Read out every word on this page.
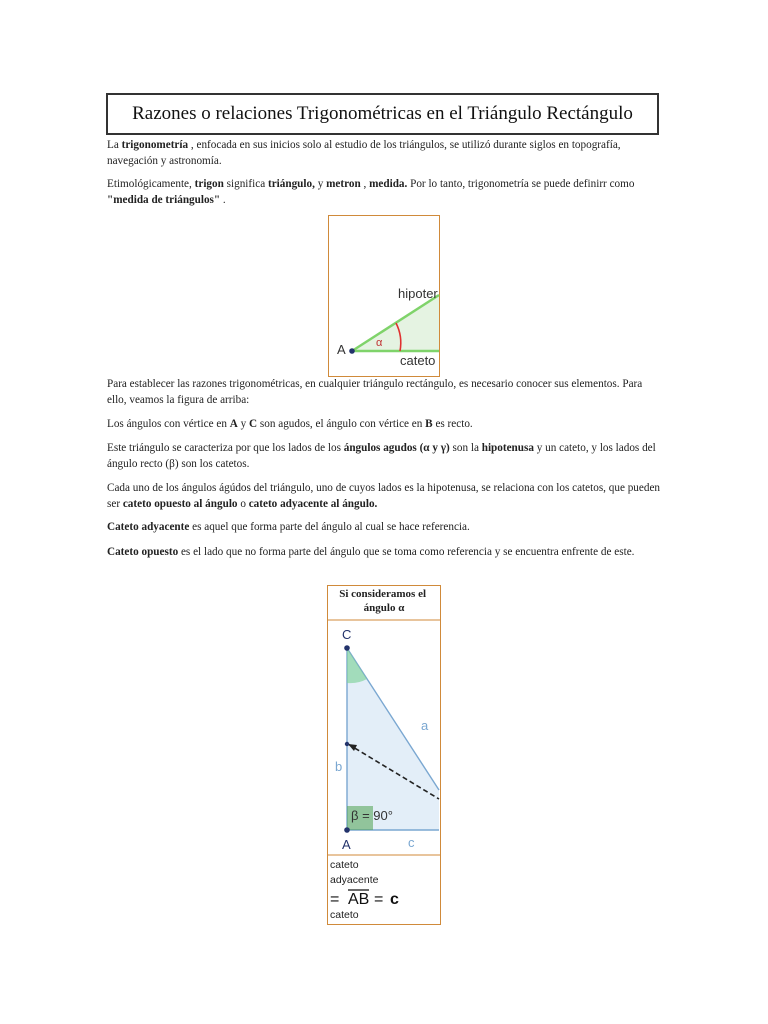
Razones o relaciones Trigonométricas en el Triángulo Rectángulo

La trigonometría , enfocada en sus inicios solo al estudio de los triángulos, se utilizó durante siglos en topografía, navegación y astronomía.

Etimológicamente, trigon significa triángulo, y metron , medida. Por lo tanto, trigonometría se puede definirr como "medida de triángulos" .

hipoter
α
A
cateto

Para establecer las razones trigonométricas, en cualquier triángulo rectángulo, es necesario conocer sus elementos. Para ello, veamos la figura de arriba:

Los ángulos con vértice en A y C son agudos, el ángulo con vértice en B es recto.

Este triángulo se caracteriza por que los lados de los ángulos agudos (α y γ) son la hipotenusa y un cateto, y los lados del ángulo recto (β) son los catetos.

Cada uno de los ángulos ágúdos del triángulo, uno de cuyos lados es la hipotenusa, se relaciona con los catetos, que pueden ser cateto opuesto al ángulo o cateto adyacente al ángulo.

Cateto adyacente es aquel que forma parte del ángulo al cual se hace referencia.

Cateto opuesto es el lado que no forma parte del ángulo que se toma como referencia y se encuentra enfrente de este.

Si consideramos el ángulo α
C
a
b
β = 90°
A	c
cateto
adyacente
= AB = c
cateto
